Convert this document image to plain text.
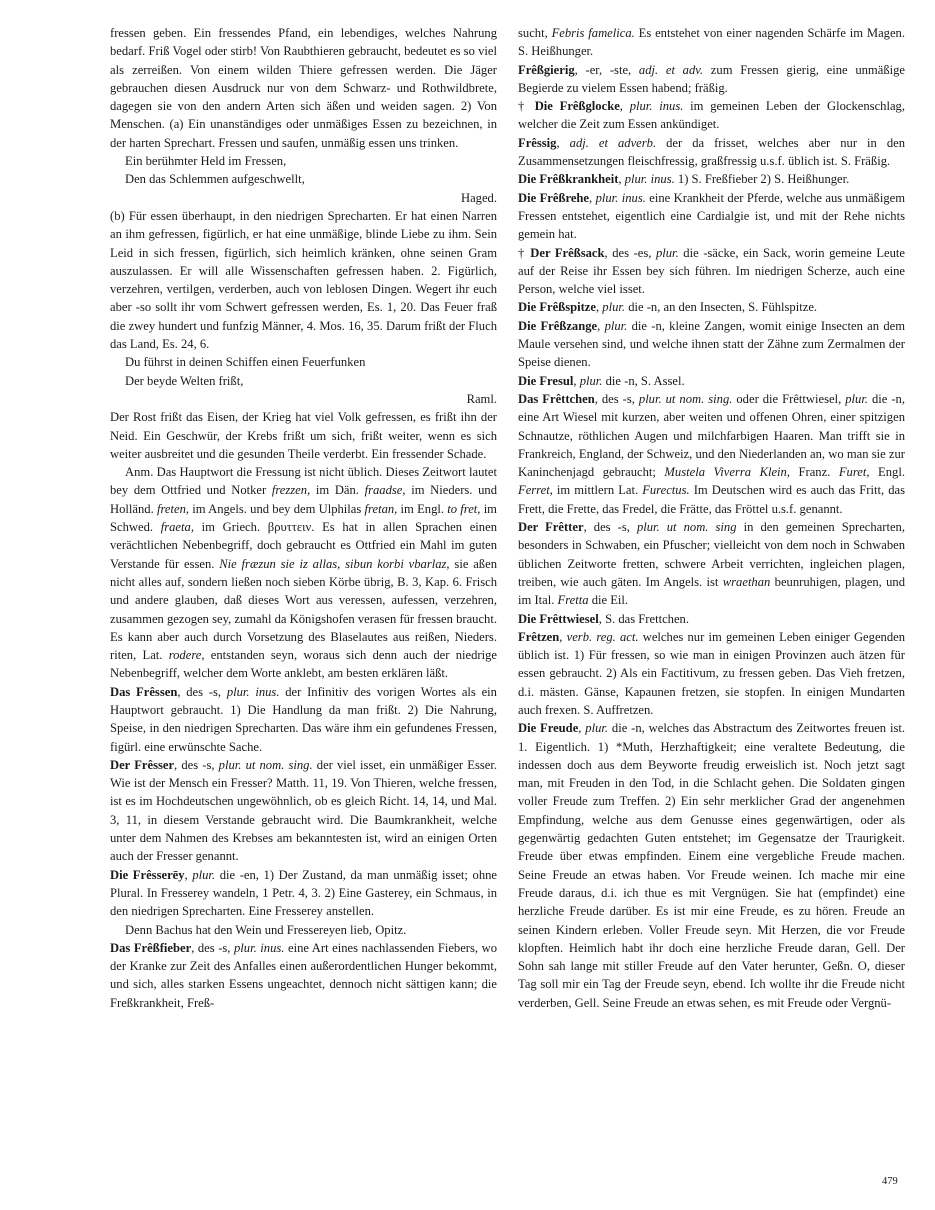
fressen geben. Ein fressendes Pfand, ein lebendiges, welches Nahrung bedarf. Friß Vogel oder stirb! Von Raubthieren gebraucht, bedeutet es so viel als zerreißen. Von einem wilden Thiere gefressen werden. Die Jäger gebrauchen diesen Ausdruck nur von dem Schwarz- und Rothwildbrete, dagegen sie von den andern Arten sich äßen und weiden sagen. 2) Von Menschen. (a) Ein unanständiges oder unmäßiges Essen zu bezeichnen, in der harten Sprechart. Fressen und saufen, unmäßig essen uns trinken.

Ein berühmter Held im Fressen,

Den das Schlemmen aufgeschwellt,

Haged.

(b) Für essen überhaupt, in den niedrigen Sprecharten. Er hat einen Narren an ihm gefressen, figürlich, er hat eine unmäßige, blinde Liebe zu ihm. Sein Leid in sich fressen, figürlich, sich heimlich kränken, ohne seinen Gram auszulassen. Er will alle Wissenschaften gefressen haben. 2. Figürlich, verzehren, vertilgen, verderben, auch von leblosen Dingen. Wegert ihr euch aber -so sollt ihr vom Schwert gefressen werden, Es. 1, 20. Das Feuer fraß die zwey hundert und funfzig Männer, 4. Mos. 16, 35. Darum frißt der Fluch das Land, Es. 24, 6.

Du führst in deinen Schiffen einen Feuerfunken

Der beyde Welten frißt,

Raml.

Der Rost frißt das Eisen, der Krieg hat viel Volk gefressen, es frißt ihn der Neid. Ein Geschwür, der Krebs frißt um sich, frißt weiter, wenn es sich weiter ausbreitet und die gesunden Theile verderbt. Ein fressender Schade.

Anm. Das Hauptwort die Fressung ist nicht üblich. Dieses Zeitwort lautet bey dem Ottfried und Notker frezzen, im Dän. fraadse, im Nieders. und Holländ. freten, im Angels. und bey dem Ulphilas fretan, im Engl. to fret, im Schwed. fraeta, im Griech. βρυττειν. Es hat in allen Sprachen einen verächtlichen Nebenbegriff, doch gebraucht es Ottfried ein Mahl im guten Verstande für essen. Nie fræzun sie iz allas, sibun korbi vbarlaz, sie aßen nicht alles auf, sondern ließen noch sieben Körbe übrig, B. 3, Kap. 6. Frisch und andere glauben, daß dieses Wort aus veressen, aufessen, verzehren, zusammen gezogen sey, zumahl da Königshofen verasen für fressen braucht. Es kann aber auch durch Vorsetzung des Blaselautes aus reißen, Nieders. riten, Lat. rodere, entstanden seyn, woraus sich denn auch der niedrige Nebenbegriff, welcher dem Worte anklebt, am besten erklären läßt.

Das Frêssen, des -s, plur. inus. der Infinitiv des vorigen Wortes als ein Hauptwort gebraucht. 1) Die Handlung da man frißt. 2) Die Nahrung, Speise, in den niedrigen Sprecharten. Das wäre ihm ein gefundenes Fressen, figürl. eine erwünschte Sache.

Der Frêsser, des -s, plur. ut nom. sing. der viel isset, ein unmäßiger Esser. Wie ist der Mensch ein Fresser? Matth. 11, 19. Von Thieren, welche fressen, ist es im Hochdeutschen ungewöhnlich, ob es gleich Richt. 14, 14, und Mal. 3, 11, in diesem Verstande gebraucht wird. Die Baumkrankheit, welche unter dem Nahmen des Krebses am bekanntesten ist, wird an einigen Orten auch der Fresser genannt.

Die Frêsserēy, plur. die -en, 1) Der Zustand, da man unmäßig isset; ohne Plural. In Fresserey wandeln, 1 Petr. 4, 3. 2) Eine Gasterey, ein Schmaus, in den niedrigen Sprecharten. Eine Fresserey anstellen.

Denn Bachus hat den Wein und Fressereyen lieb, Opitz.

Das Frêßfieber, des -s, plur. inus. eine Art eines nachlassenden Fiebers, wo der Kranke zur Zeit des Anfalles einen außerordentlichen Hunger bekommt, und sich, alles starken Essens ungeachtet, dennoch nicht sättigen kann; die Freßkrankheit, Freß-

sucht, Febris famelica. Es entstehet von einer nagenden Schärfe im Magen. S. Heißhunger.

Frêßgierig, -er, -ste, adj. et adv. zum Fressen gierig, eine unmäßige Begierde zu vielem Essen habend; fräßig.

† Die Frêßglocke, plur. inus. im gemeinen Leben der Glockenschlag, welcher die Zeit zum Essen ankündiget.

Frêssig, adj. et adverb. der da frisset, welches aber nur in den Zusammensetzungen fleischfressig, graßfressig u.s.f. üblich ist. S. Fräßig.

Die Frêßkrankheit, plur. inus. 1) S. Freßfieber 2) S. Heißhunger.

Die Frêßrehe, plur. inus. eine Krankheit der Pferde, welche aus unmäßigem Fressen entstehet, eigentlich eine Cardialgie ist, und mit der Rehe nichts gemein hat.

† Der Frêßsack, des -es, plur. die -säcke, ein Sack, worin gemeine Leute auf der Reise ihr Essen bey sich führen. Im niedrigen Scherze, auch eine Person, welche viel isset.

Die Frêßspitze, plur. die -n, an den Insecten, S. Fühlspitze.

Die Frêßzange, plur. die -n, kleine Zangen, womit einige Insecten an dem Maule versehen sind, und welche ihnen statt der Zähne zum Zermalmen der Speise dienen.

Die Fresul, plur. die -n, S. Assel.

Das Frêttchen, des -s, plur. ut nom. sing. oder die Frêttwiesel, plur. die -n, eine Art Wiesel mit kurzen, aber weiten und offenen Ohren, einer spitzigen Schnautze, röthlichen Augen und milchfarbigen Haaren. Man trifft sie in Frankreich, England, der Schweiz, und den Niederlanden an, wo man sie zur Kaninchenjagd gebraucht; Mustela Viverra Klein, Franz. Furet, Engl. Ferret, im mittlern Lat. Furectus. Im Deutschen wird es auch das Fritt, das Frett, die Frette, das Fredel, die Frätte, das Fröttel u.s.f. genannt.

Der Frêtter, des -s, plur. ut nom. sing in den gemeinen Sprecharten, besonders in Schwaben, ein Pfuscher; vielleicht von dem noch in Schwaben üblichen Zeitworte fretten, schwere Arbeit verrichten, ingleichen plagen, treiben, wie auch gäten. Im Angels. ist wraethan beunruhigen, plagen, und im Ital. Fretta die Eil.

Die Frêttwiesel, S. das Frettchen.

Frêtzen, verb. reg. act. welches nur im gemeinen Leben einiger Gegenden üblich ist. 1) Für fressen, so wie man in einigen Provinzen auch ätzen für essen gebraucht. 2) Als ein Factitivum, zu fressen geben. Das Vieh fretzen, d.i. mästen. Gänse, Kapaunen fretzen, sie stopfen. In einigen Mundarten auch frexen. S. Auffretzen.

Die Freude, plur. die -n, welches das Abstractum des Zeitwortes freuen ist. 1. Eigentlich. 1) *Muth, Herzhaftigkeit; eine veraltete Bedeutung, die indessen doch aus dem Beyworte freudig erweislich ist. Noch jetzt sagt man, mit Freuden in den Tod, in die Schlacht gehen. Die Soldaten gingen voller Freude zum Treffen. 2) Ein sehr merklicher Grad der angenehmen Empfindung, welche aus dem Genusse eines gegenwärtigen, oder als gegenwärtig gedachten Guten entstehet; im Gegensatze der Traurigkeit. Freude über etwas empfinden. Einem eine vergebliche Freude machen. Seine Freude an etwas haben. Vor Freude weinen. Ich mache mir eine Freude daraus, d.i. ich thue es mit Vergnügen. Sie hat (empfindet) eine herzliche Freude darüber. Es ist mir eine Freude, es zu hören. Freude an seinen Kindern erleben. Voller Freude seyn. Mit Herzen, die vor Freude klopften. Heimlich habt ihr doch eine herzliche Freude daran, Gell. Der Sohn sah lange mit stiller Freude auf den Vater herunter, Geßn. O, dieser Tag soll mir ein Tag der Freude seyn, ebend. Ich wollte ihr die Freude nicht verderben, Gell. Seine Freude an etwas sehen, es mit Freude oder Vergnü-

479
